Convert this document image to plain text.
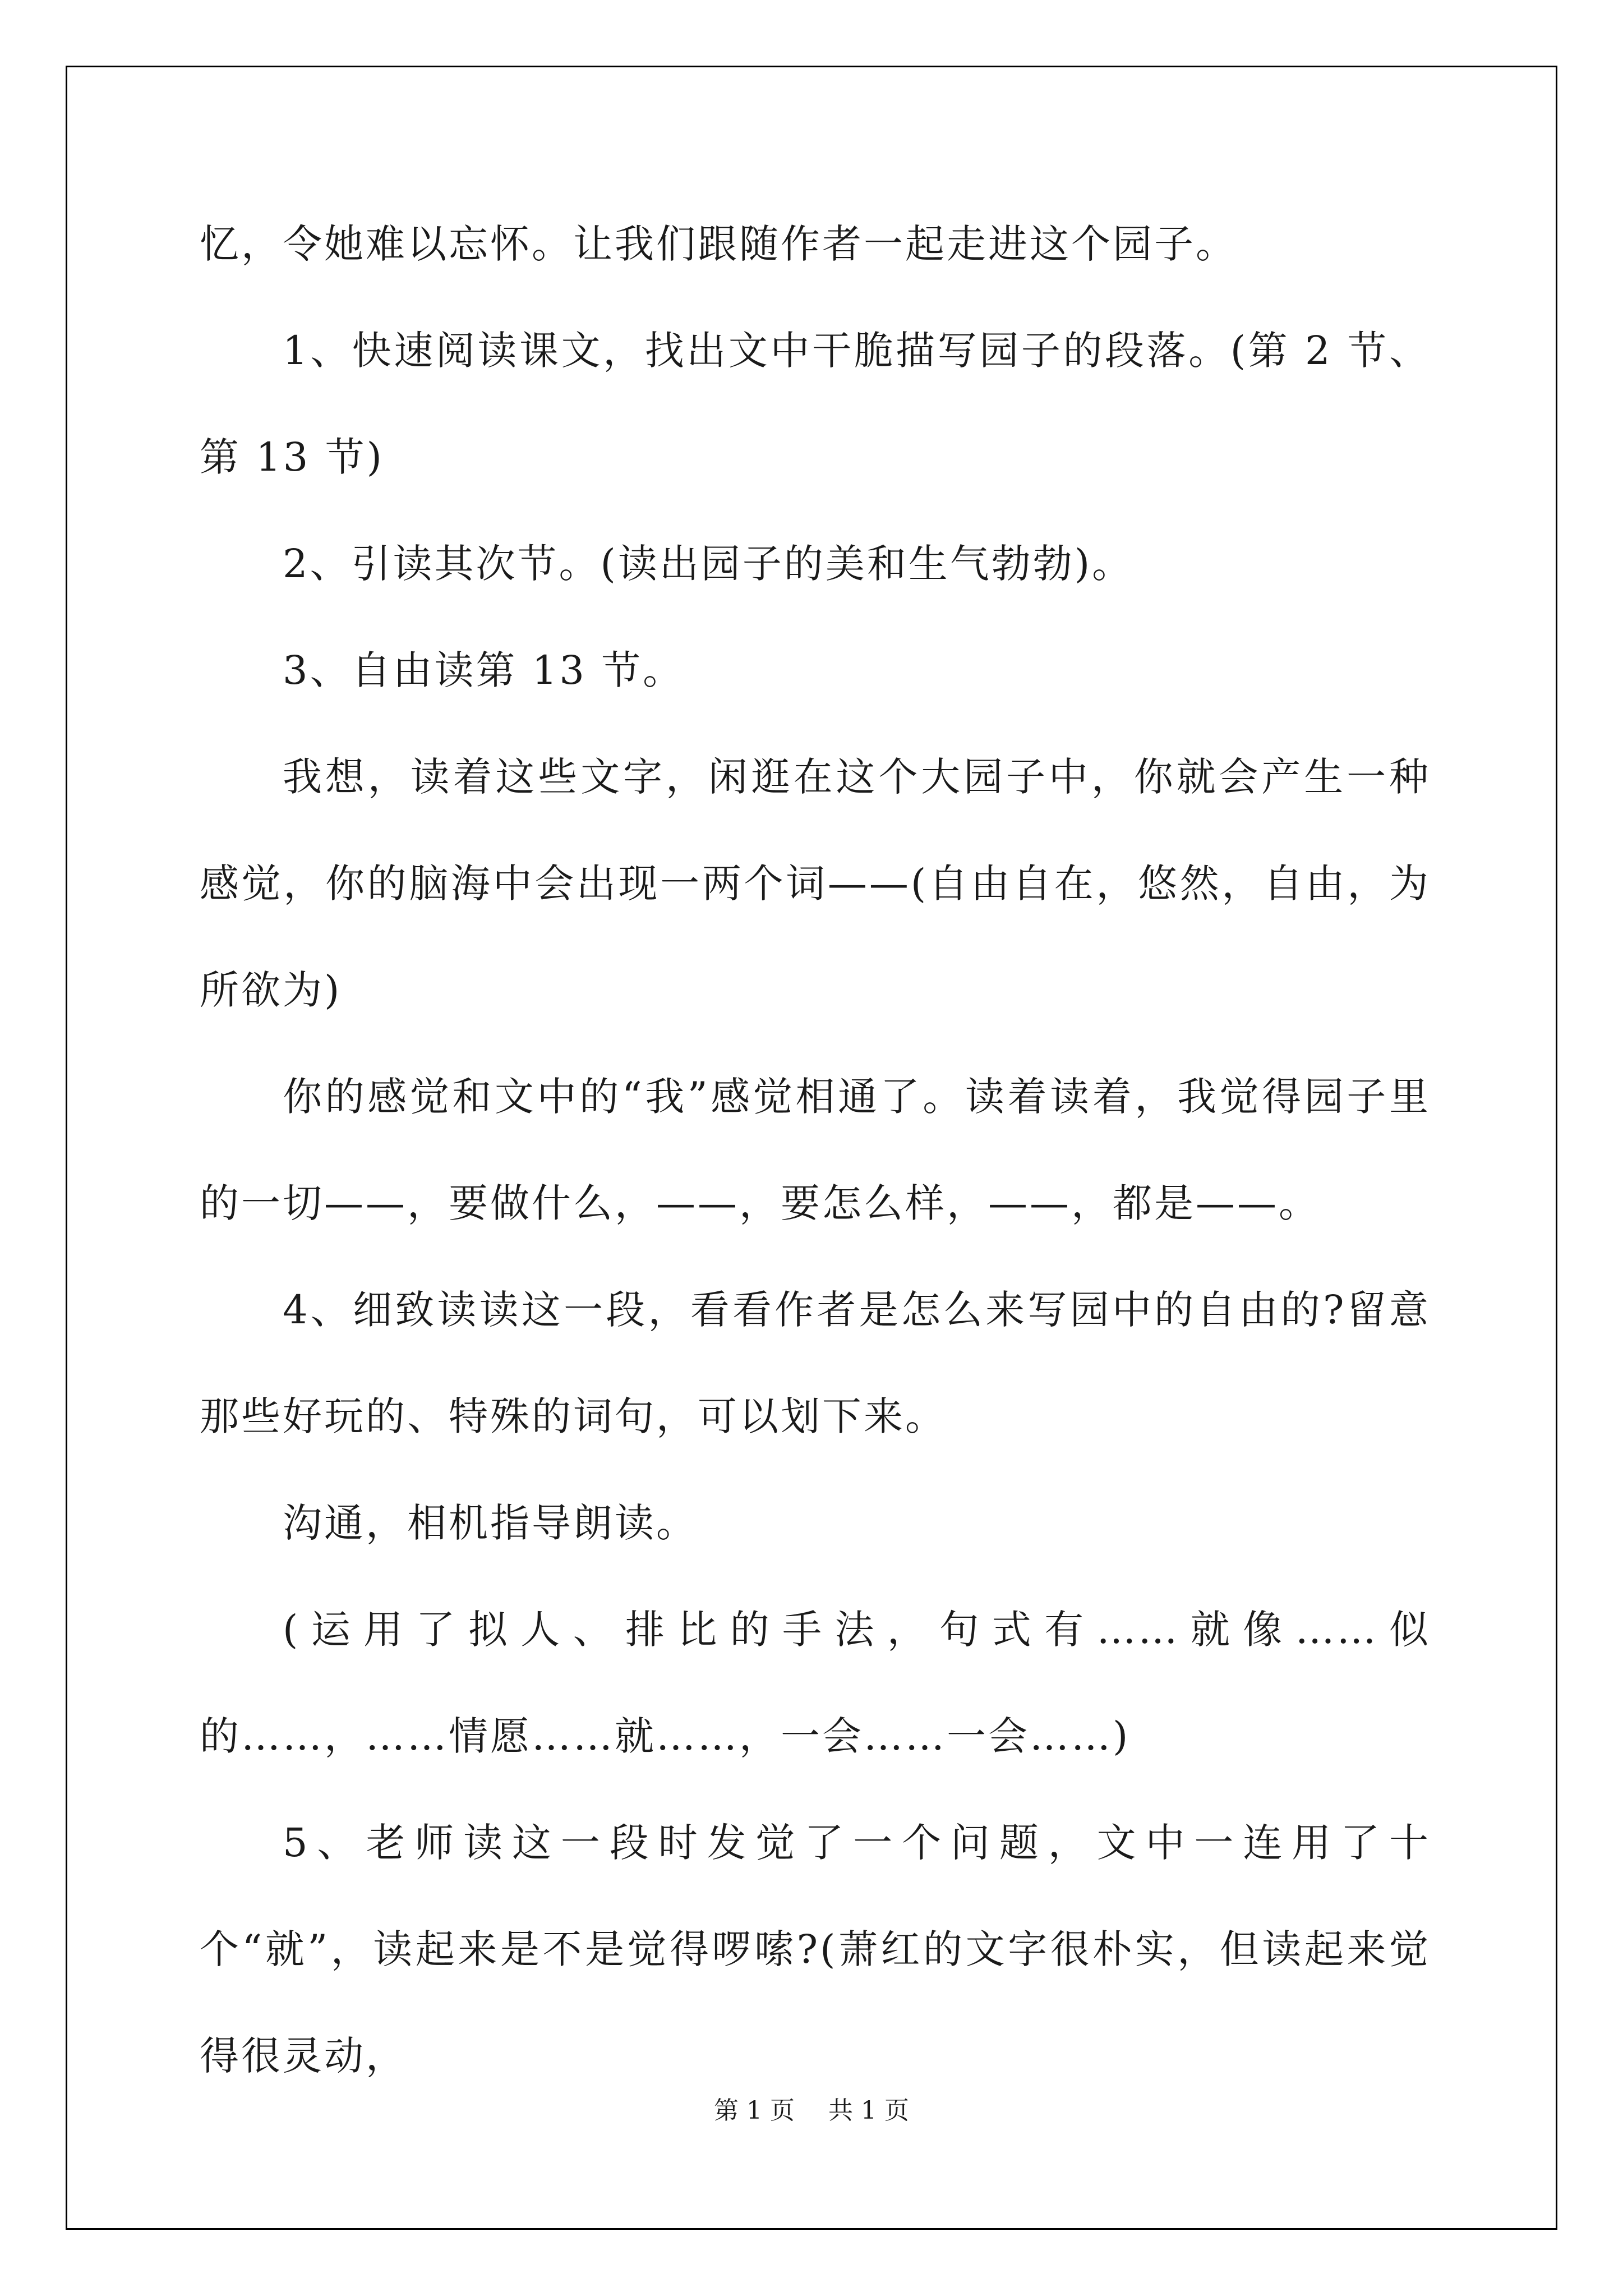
忆，令她难以忘怀。让我们跟随作者一起走进这个园子。

1、快速阅读课文，找出文中干脆描写园子的段落。(第 2 节、第 13 节)

2、引读其次节。(读出园子的美和生气勃勃)。

3、自由读第 13 节。

我想，读着这些文字，闲逛在这个大园子中，你就会产生一种感觉，你的脑海中会出现一两个词——(自由自在，悠然，自由，为所欲为)

你的感觉和文中的“我”感觉相通了。读着读着，我觉得园子里的一切——，要做什么，——，要怎么样，——，都是——。

4、细致读读这一段，看看作者是怎么来写园中的自由的?留意那些好玩的、特殊的词句，可以划下来。

沟通，相机指导朗读。

(运用了拟人、排比的手法，句式有……就像……似的……，……情愿……就……，一会……一会……)

5、老师读这一段时发觉了一个问题，文中一连用了十个“就”，读起来是不是觉得啰嗦?(萧红的文字很朴实，但读起来觉得很灵动，

第 1 页 共 1 页
